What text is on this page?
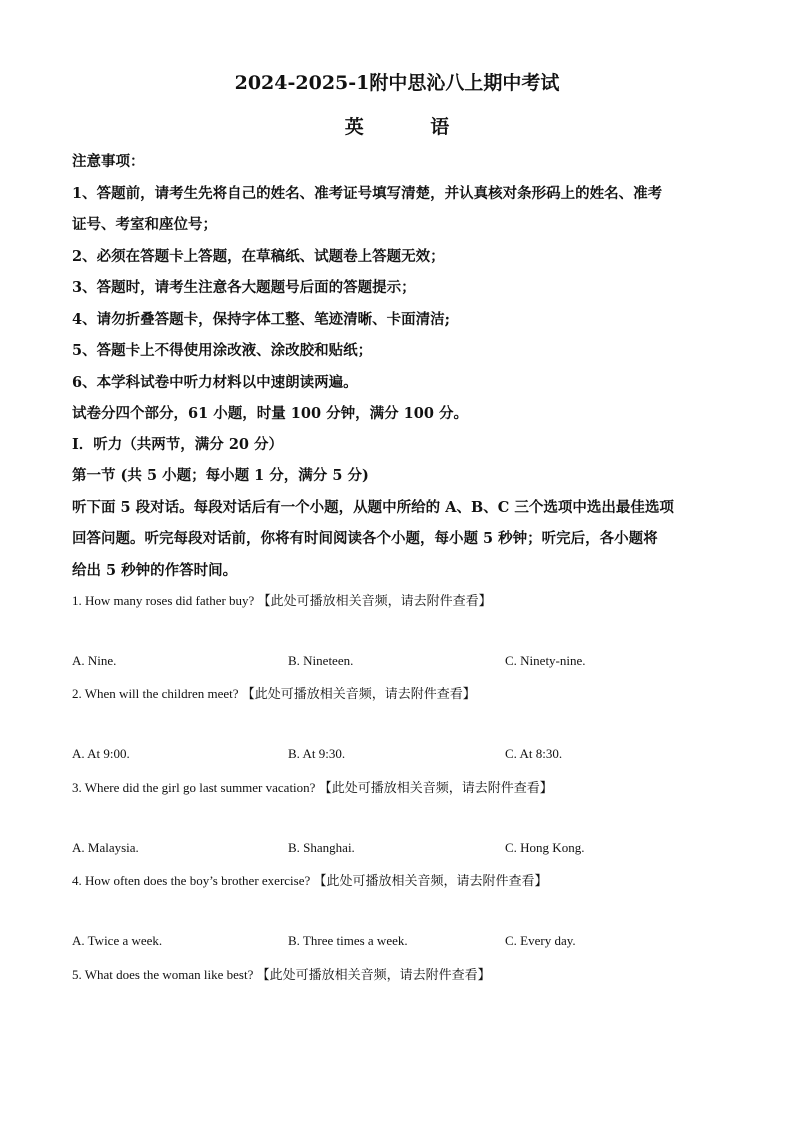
2024-2025-1附中思沁八上期中考试
英 语
注意事项：
1、答题前，请考生先将自己的姓名、准考证号填写清楚，并认真核对条形码上的姓名、准考
证号、考室和座位号；
2、必须在答题卡上答题，在草稿纸、试题卷上答题无效；
3、答题时，请考生注意各大题题号后面的答题提示；
4、请勿折叠答题卡，保持字体工整、笔迹清晰、卡面清洁;
5、答题卡上不得使用涂改液、涂改胶和贴纸；
6、本学科试卷中听力材料以中速朗读两遍。
试卷分四个部分，61 小题，时量 100 分钟，满分 100 分。
I．听力（共两节，满分 20 分）
第一节 (共 5 小题；每小题 1 分，满分 5 分)
听下面 5 段对话。每段对话后有一个小题，从题中所给的 A、B、C 三个选项中选出最佳选项
回答问题。听完每段对话前，你将有时间阅读各个小题，每小题 5 秒钟；听完后，各小题将
给出 5 秒钟的作答时间。
1. How many roses did father buy? 【此处可播放相关音频，请去附件查看】
A. Nine.	B. Nineteen.	C. Ninety-nine.
2. When will the children meet? 【此处可播放相关音频，请去附件查看】
A. At 9:00.	B. At 9:30.	C. At 8:30.
3. Where did the girl go last summer vacation? 【此处可播放相关音频，请去附件查看】
A. Malaysia.	B. Shanghai.	C. Hong Kong.
4. How often does the boy’s brother exercise? 【此处可播放相关音频，请去附件查看】
A. Twice a week.	B. Three times a week.	C. Every day.
5. What does the woman like best? 【此处可播放相关音频，请去附件查看】
